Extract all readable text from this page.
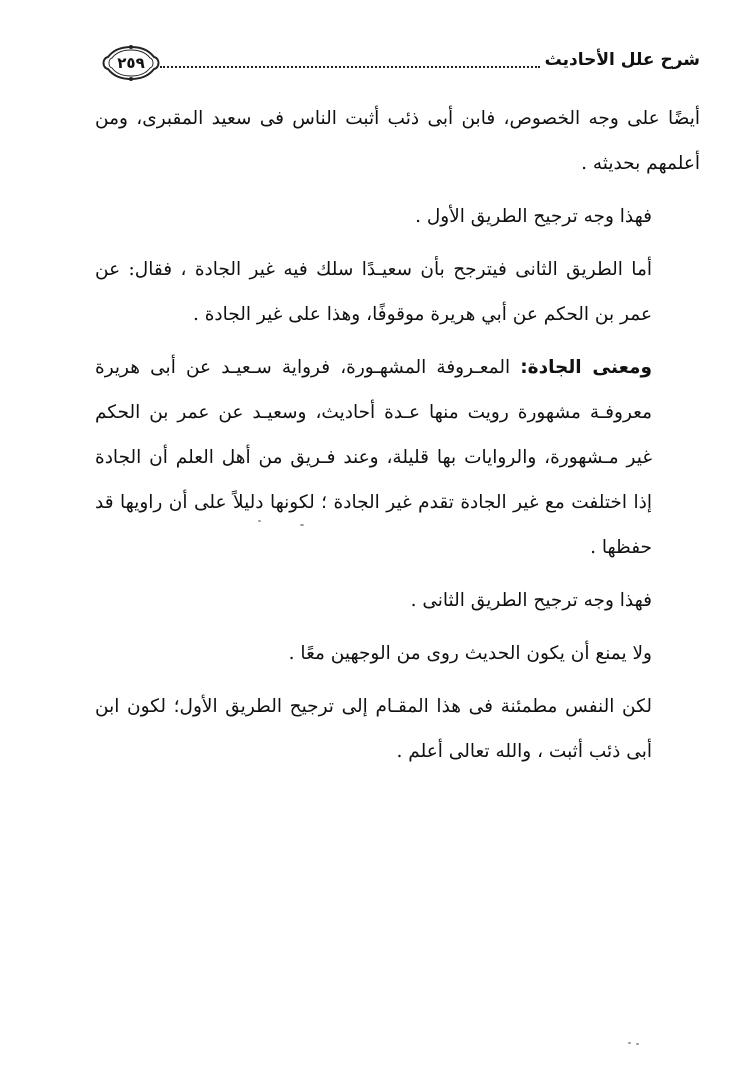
شرح علل الأحاديث
٢٥٩

أيضًا على وجه الخصوص، فابن أبى ذئب أثبت الناس فى سعيد المقبرى، ومن أعلمهم بحديثه .

فهذا وجه ترجيح الطريق الأول .

أما الطريق الثانى فيترجح بأن سعيـدًا سلك فيه غير الجادة ، فقال: عن عمر بن الحكم عن أبي هريرة موقوفًا، وهذا على غير الجادة .

ومعنى الجادة: المعـروفة المشهـورة، فرواية سـعيـد عن أبى هريرة معروفـة مشهورة رويت منها عـدة أحاديث، وسعيـد عن عمر بن الحكم غير مـشهورة، والروايات بها قليلة، وعند فـريق من أهل العلم أن الجادة إذا اختلفت مع غير الجادة تقدم غير الجادة ؛ لكونها دليلاً على أن راويها قد حفظها .

فهذا وجه ترجيح الطريق الثانى .

ولا يمنع أن يكون الحديث روى من الوجهين معًا .

لكن النفس مطمئنة فى هذا المقـام إلى ترجيح الطريق الأول؛ لكون ابن أبى ذئب أثبت ، والله تعالى أعلم .
